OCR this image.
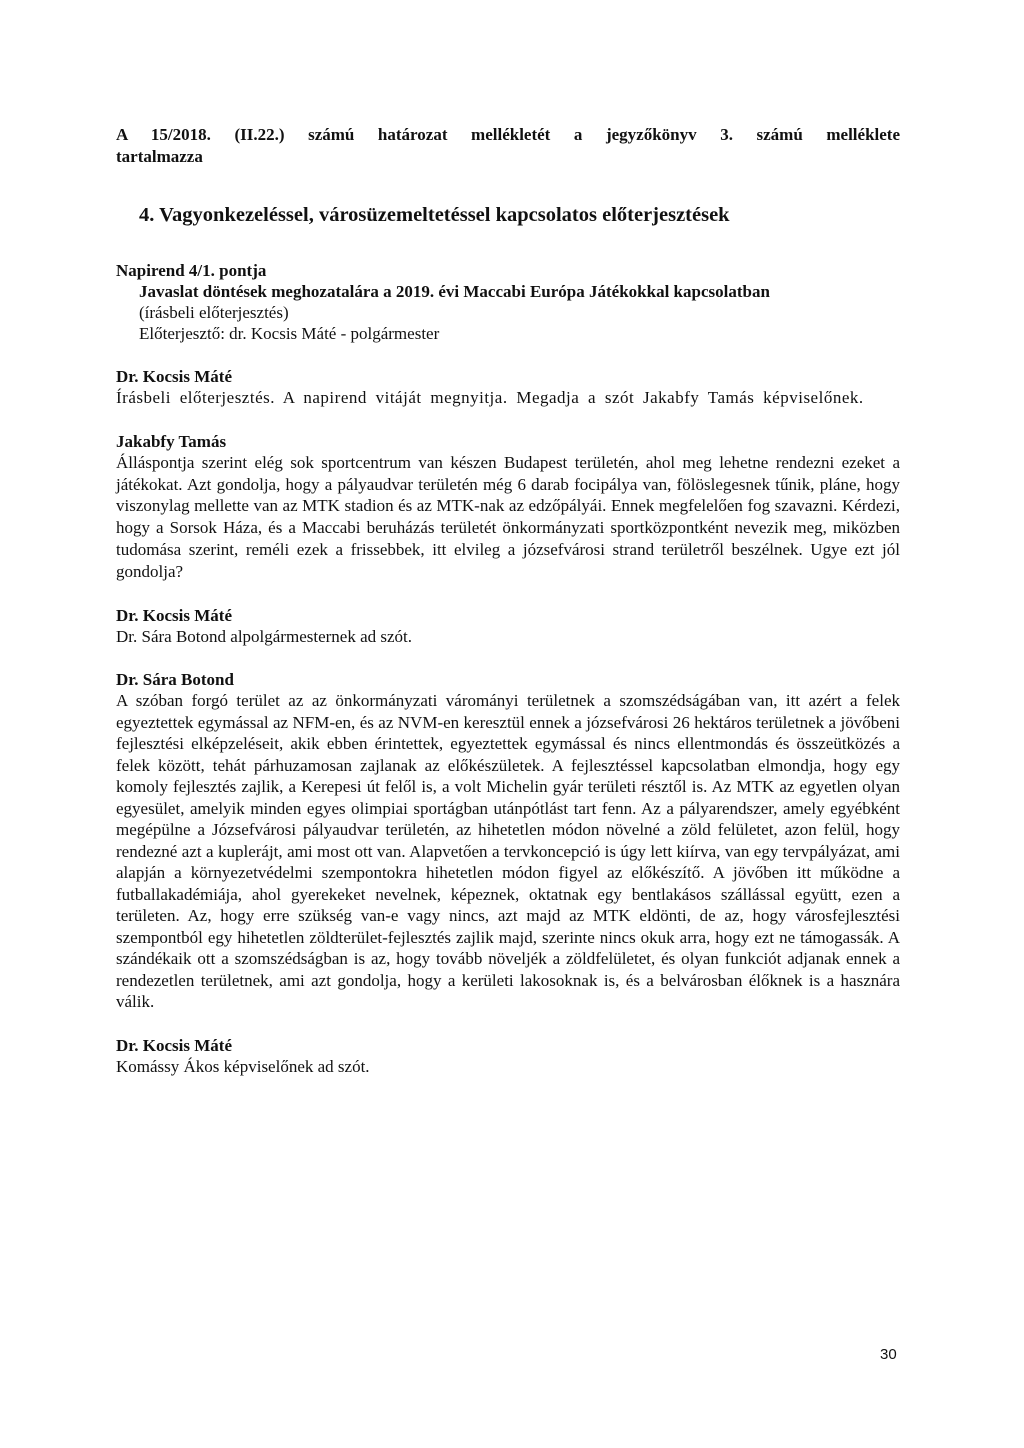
A 15/2018. (II.22.) számú határozat mellékletét a jegyzőkönyv 3. számú melléklete
tartalmazza

4. Vagyonkezeléssel, városüzemeltetéssel kapcsolatos előterjesztések
Napirend 4/1. pontja
Javaslat döntések meghozatalára a 2019. évi Maccabi Európa Játékokkal kapcsolatban
(írásbeli előterjesztés)
Előterjesztő: dr. Kocsis Máté - polgármester
Dr. Kocsis Máté

Írásbeli előterjesztés. A napirend vitáját megnyitja. Megadja a szót Jakabfy Tamás képviselőnek.

Jakabfy Tamás

Álláspontja szerint elég sok sportcentrum van készen Budapest területén, ahol meg lehetne rendezni ezeket a játékokat. Azt gondolja, hogy a pályaudvar területén még 6 darab focipálya van, fölöslegesnek tűnik, pláne, hogy viszonylag mellette van az MTK stadion és az MTK-nak az edzőpályái. Ennek megfelelően fog szavazni. Kérdezi, hogy a Sorsok Háza, és a Maccabi beruházás területét önkormányzati sportközpontként nevezik meg, miközben tudomása szerint, reméli ezek a frissebbek, itt elvileg a józsefvárosi strand területről beszélnek. Ugye ezt jól gondolja?

Dr. Kocsis Máté

Dr. Sára Botond alpolgármesternek ad szót.

Dr. Sára Botond

A szóban forgó terület az az önkormányzati várományi területnek a szomszédságában van, itt azért a felek egyeztettek egymással az NFM-en, és az NVM-en keresztül ennek a józsefvárosi 26 hektáros területnek a jövőbeni fejlesztési elképzeléseit, akik ebben érintettek, egyeztettek egymással és nincs ellentmondás és összeütközés a felek között, tehát párhuzamosan zajlanak az előkészületek. A fejlesztéssel kapcsolatban elmondja, hogy egy komoly fejlesztés zajlik, a Kerepesi út felől is, a volt Michelin gyár területi résztől is. Az MTK az egyetlen olyan egyesület, amelyik minden egyes olimpiai sportágban utánpótlást tart fenn. Az a pályarendszer, amely egyébként megépülne a Józsefvárosi pályaudvar területén, az hihetetlen módon növelné a zöld felületet, azon felül, hogy rendezné azt a kuplerájt, ami most ott van. Alapvetően a tervkoncepció is úgy lett kiírva, van egy tervpályázat, ami alapján a környezetvédelmi szempontokra hihetetlen módon figyel az előkészítő. A jövőben itt működne a futballakadémiája, ahol gyerekeket nevelnek, képeznek, oktatnak egy bentlakásos szállással együtt, ezen a területen. Az, hogy erre szükség van-e vagy nincs, azt majd az MTK eldönti, de az, hogy városfejlesztési szempontból egy hihetetlen zöldterület-fejlesztés zajlik majd, szerinte nincs okuk arra, hogy ezt ne támogassák. A szándékaik ott a szomszédságban is az, hogy tovább növeljék a zöldfelületet, és olyan funkciót adjanak ennek a rendezetlen területnek, ami azt gondolja, hogy a kerületi lakosoknak is, és a belvárosban élőknek is a hasznára válik.

Dr. Kocsis Máté

Komássy Ákos képviselőnek ad szót.

30
